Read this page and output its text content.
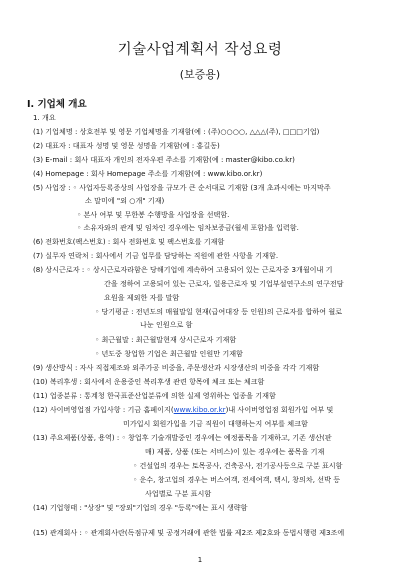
기술사업계획서 작성요령
(보증용)
Ⅰ. 기업체 개요
1. 개요
(1) 기업체명 : 상호전부 및 영문 기업체명을 기재함(예 : (주)○○○○, △△△(주), □□□기업)
(2) 대표자 : 대표자 성명 및 영문 성명을 기재함(예 : 홍길동)
(3) E-mail : 회사 대표자 개인의 전자우편 주소를 기재함(예 : master@kibo.co.kr)
(4) Homepage : 회사 Homepage 주소를 기재함(예 : www.kibo.or.kr)
(5) 사업장 : ◦ 사업자등록증상의 사업장을 규모가 큰 순서대로 기재함 (3개 초과시에는 마지막주
소 말미에 "외 ○개" 기재)
◦ 본사 여부 및 무한봉 수행방을 사업장을 선택함.
◦ 소유자와의 관계 및 임차인 경우에는 임차보증금(월세 포함)을 입력함.
(6) 전화번호(팩스번호) : 회사 전화번호 및 팩스번호를 기재함
(7) 실무자 연락처 : 회사에서 기금 업무를 담당하는 직원에 관한 사항을 기재함.
(8) 상시근로자 : ◦ 상시근로자라함은 당해기업에 계속하여 고용되어 있는 근로자중 3개월이내 기
간을 정하여 고용되어 있는 근로자, 일용근로자 및 기업부설연구소의 연구전담
요원을 제외한 자를 말함
◦ 당기평균 : 전년도의 매월말일 현재(급여대장 등 인원)의 근로자를 합하여 월로
나눈 인원으로 함
◦ 최근월말 : 최근월말현재 상시근로자 기재함
◦ 년도중 창업한 기업은 최근월말 인원만 기재함
(9) 생산방식 : 자사 직접제조와 외주가공 비중을, 주문생산과 시장생산의 비중을 각각 기재함
(10) 복리후생 : 회사에서 운용중인 복리후생 관련 항목에 체크 또는 체크함
(11) 업종분류 : 통계청 한국표준산업분류에 의한 실제 영위하는 업종을 기재함
(12) 사이버영업점 가입사항 : 기금 홈페이지(www.kibo.or.kr)내 사이버영업점 회원가입 여부 및
미가입시 회원가입을 기금 직원이 대행하는지 여부를 체크함
(13) 주요제품(상품, 용역) : ◦ 창업후 기술개발중인 경우에는 예정품목을 기재하고, 기존 생산(판
매) 제품, 상품 (또는 서비스)이 있는 경우에는 품목을 기재
◦ 건설업의 경우는 토목공사, 건축공사, 전기공사등으로 구분 표시함
◦ 운수, 창고업의 경우는 버스여객, 전세여객, 택시, 창의차, 선박 등
사업별로 구분 표시함
(14) 기업형태 : "상장" 및 "장외"기업의 경우 "등록"에는 표시 생략함
(15) 관계회사 : ◦ 관계회사란(독점규제 및 공정거래에 관한 법률 제2조 제2호와 동법시행령 제3조에
1
